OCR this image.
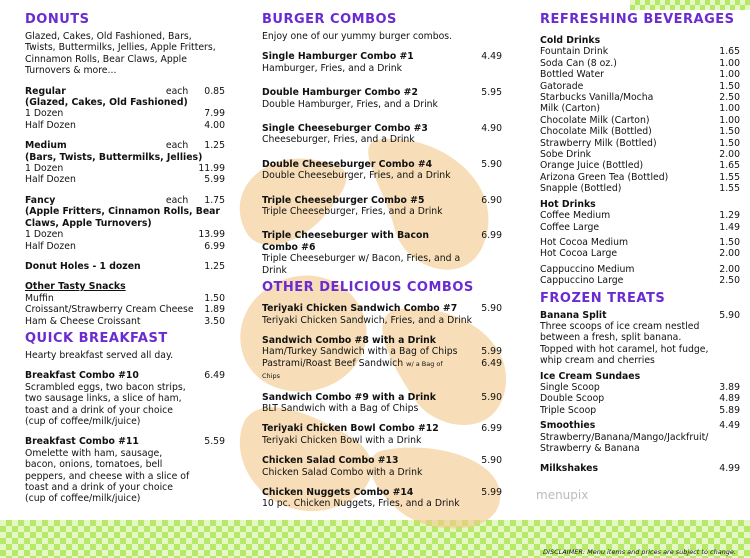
DONUTS
Glazed, Cakes, Old Fashioned, Bars, Twists, Buttermilks, Jellies, Apple Fritters, Cinnamon Rolls, Bear Claws, Apple Turnovers & more...
Regular	each 0.85
(Glazed, Cakes, Old Fashioned)
1 Dozen	7.99
Half Dozen	4.00
Medium	each 1.25
(Bars, Twists, Buttermilks, Jellies)
1 Dozen	11.99
Half Dozen	5.99
Fancy	each 1.75
(Apple Fritters, Cinnamon Rolls, Bear Claws, Apple Turnovers)
1 Dozen	13.99
Half Dozen	6.99
Donut Holes - 1 dozen	1.25
Other Tasty Snacks
Muffin	1.50
Croissant/Strawberry Cream Cheese 1.89
Ham & Cheese Croissant	3.50
QUICK BREAKFAST
Hearty breakfast served all day.
Breakfast Combo #10	6.49
Scrambled eggs, two bacon strips, two sausage links, a slice of ham, toast and a drink of your choice (cup of coffee/milk/juice)
Breakfast Combo #11	5.59
Omelette with ham, sausage, bacon, onions, tomatoes, bell peppers, and cheese with a slice of toast and a drink of your choice (cup of coffee/milk/juice)
BURGER COMBOS
Enjoy one of our yummy burger combos.
Single Hamburger Combo #1	4.49
Hamburger, Fries, and a Drink
Double Hamburger Combo #2	5.95
Double Hamburger, Fries, and a Drink
Single Cheeseburger Combo #3	4.90
Cheeseburger, Fries, and a Drink
Double Cheeseburger Combo #4	5.90
Double Cheeseburger, Fries, and a Drink
Triple Cheeseburger Combo #5	6.90
Triple Cheeseburger, Fries, and a Drink
Triple Cheeseburger with Bacon Combo #6
6.99
Triple Cheeseburger w/ Bacon, Fries, and a Drink
OTHER DELICIOUS COMBOS
Teriyaki Chicken Sandwich Combo #7	5.90
Teriyaki Chicken Sandwich, Fries, and a Drink
Sandwich Combo #8 with a Drink
Ham/Turkey Sandwich with a Bag of Chips	5.99
Pastrami/Roast Beef Sandwich w/ a Bag of Chips
6.49
Sandwich Combo #9 with a Drink	5.90
BLT Sandwich with a Bag of Chips
Teriyaki Chicken Bowl Combo #12	6.99
Teriyaki Chicken Bowl with a Drink
Chicken Salad Combo #13	5.90
Chicken Salad Combo with a Drink
Chicken Nuggets Combo #14	5.99
10 pc. Chicken Nuggets, Fries, and a Drink
REFRESHING BEVERAGES
Cold Drinks
Fountain Drink	1.65
Soda Can (8 oz.)	1.00
Bottled Water	1.00
Gatorade	1.50
Starbucks Vanilla/Mocha	2.50
Milk (Carton)	1.00
Chocolate Milk (Carton)	1.00
Chocolate Milk (Bottled)	1.50
Strawberry Milk (Bottled)	1.50
Sobe Drink	2.00
Orange Juice (Bottled)	1.65
Arizona Green Tea (Bottled)	1.55
Snapple (Bottled)	1.55
Hot Drinks
Coffee Medium	1.29
Coffee Large	1.49
Hot Cocoa Medium	1.50
Hot Cocoa Large	2.00
Cappuccino Medium	2.00
Cappuccino Large	2.50
FROZEN TREATS
Banana Split	5.90
Three scoops of ice cream nestled between a fresh, split banana. Topped with hot caramel, hot fudge, whip cream and cherries
Ice Cream Sundaes
Single Scoop	3.89
Double Scoop	4.89
Triple Scoop	5.89
Smoothies	4.49
Strawberry/Banana/Mango/Jackfruit/ Strawberry & Banana
Milkshakes	4.99
menupix
DISCLAIMER: Menu items and prices are subject to change.
